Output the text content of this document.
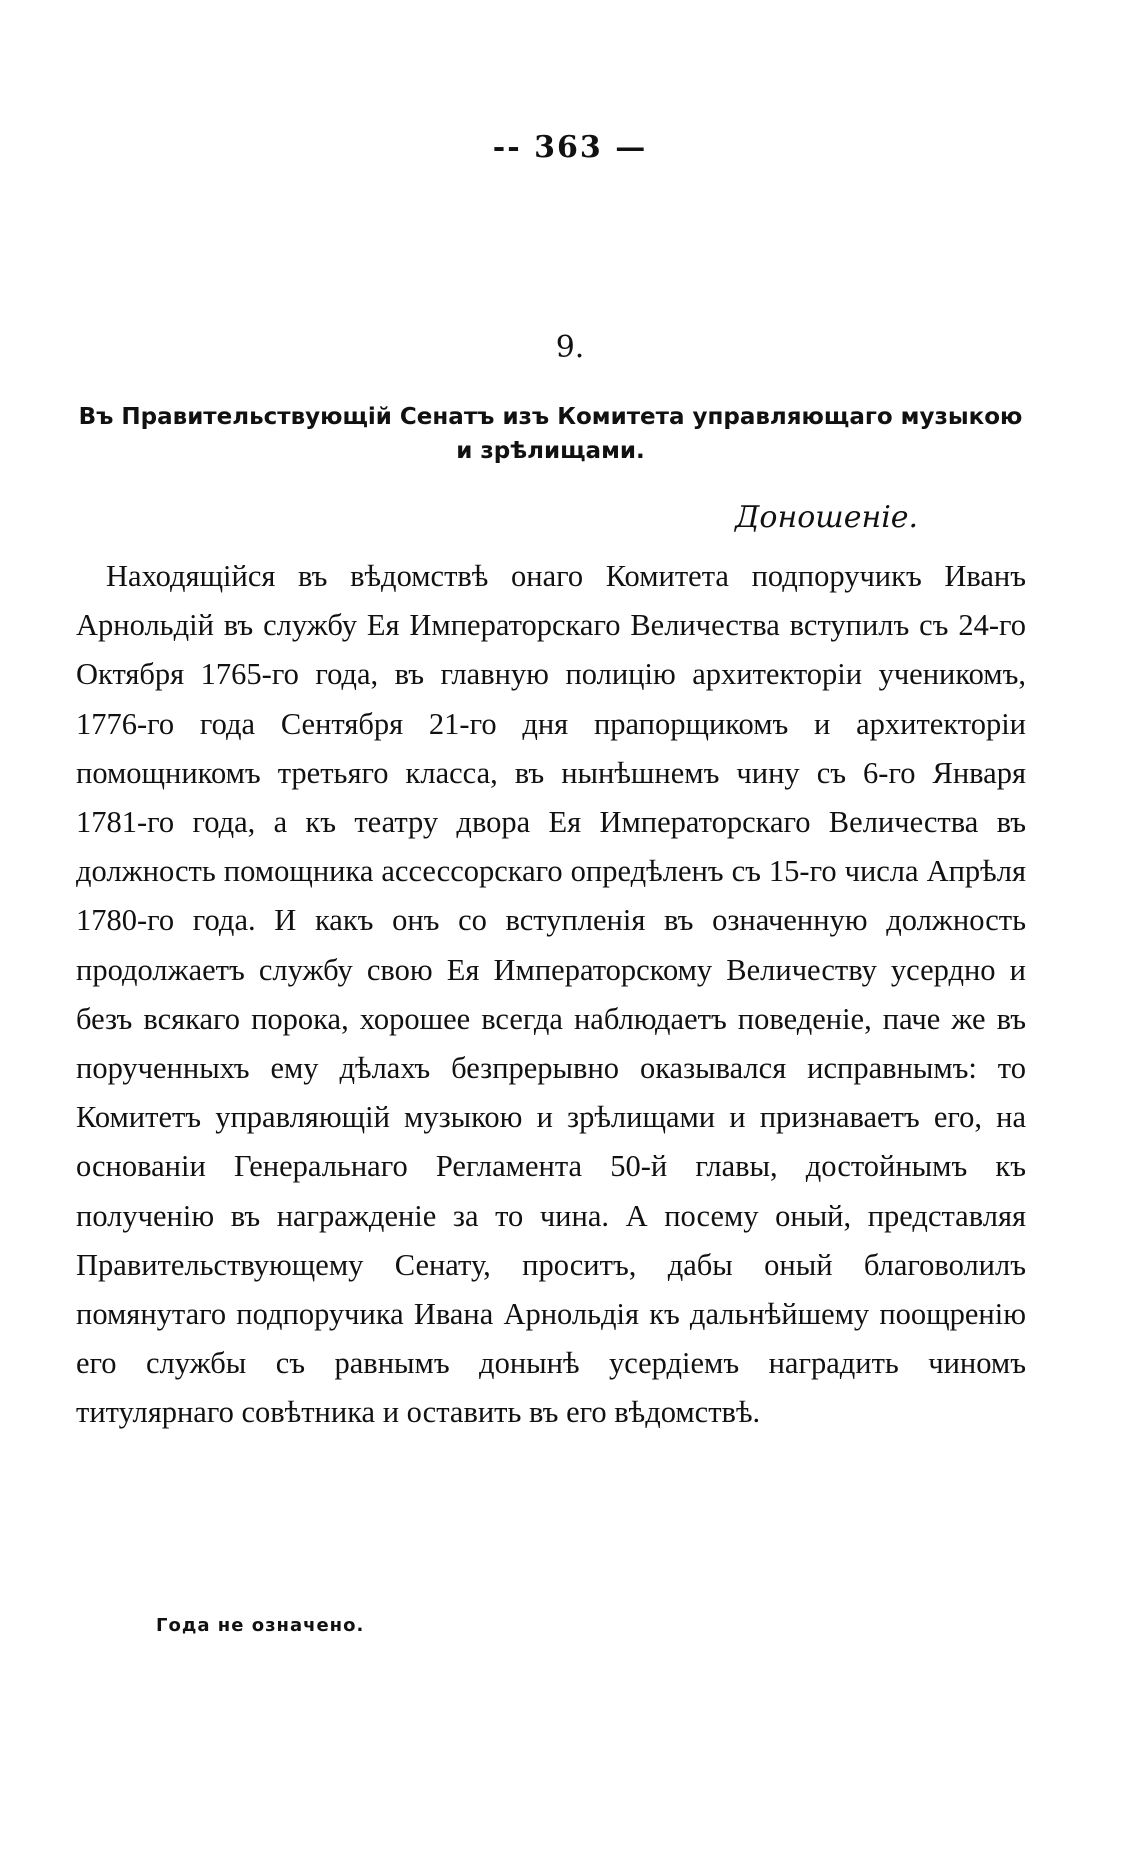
-- 363 —
9.
Въ Правительствующій Сенатъ изъ Комитета управляющаго музыкою и зрѣлищами.
Доношеніе.
Находящійся въ вѣдомствѣ онаго Комитета подпоручикъ Иванъ Арнольдій въ службу Ея Императорскаго Величества вступилъ съ 24-го Октября 1765-го года, въ главную полицію архитекторіи ученикомъ, 1776-го года Сентября 21-го дня прапорщикомъ и архитекторіи помощникомъ третьяго класса, въ нынѣшнемъ чину съ 6-го Января 1781-го года, а къ театру двора Ея Императорскаго Величества въ должность помощника ассессорскаго опредѣленъ съ 15-го числа Апрѣля 1780-го года. И какъ онъ со вступленія въ означенную должность продолжаетъ службу свою Ея Императорскому Величеству усердно и безъ всякаго порока, хорошее всегда наблюдаетъ поведеніе, паче же въ порученныхъ ему дѣлахъ безпрерывно оказывался исправнымъ: то Комитетъ управляющій музыкою и зрѣлищами и признаваетъ его, на основаніи Генеральнаго Регламента 50-й главы, достойнымъ къ полученію въ награжденіе за то чина. А посему оный, представляя Правительствующему Сенату, проситъ, дабы оный благоволилъ помянутаго подпоручика Ивана Арнольдія къ дальнѣйшему поощренію его службы съ равнымъ донынѣ усердіемъ наградить чиномъ титулярнаго совѣтника и оставить въ его вѣдомствѣ.
Года не означено.
